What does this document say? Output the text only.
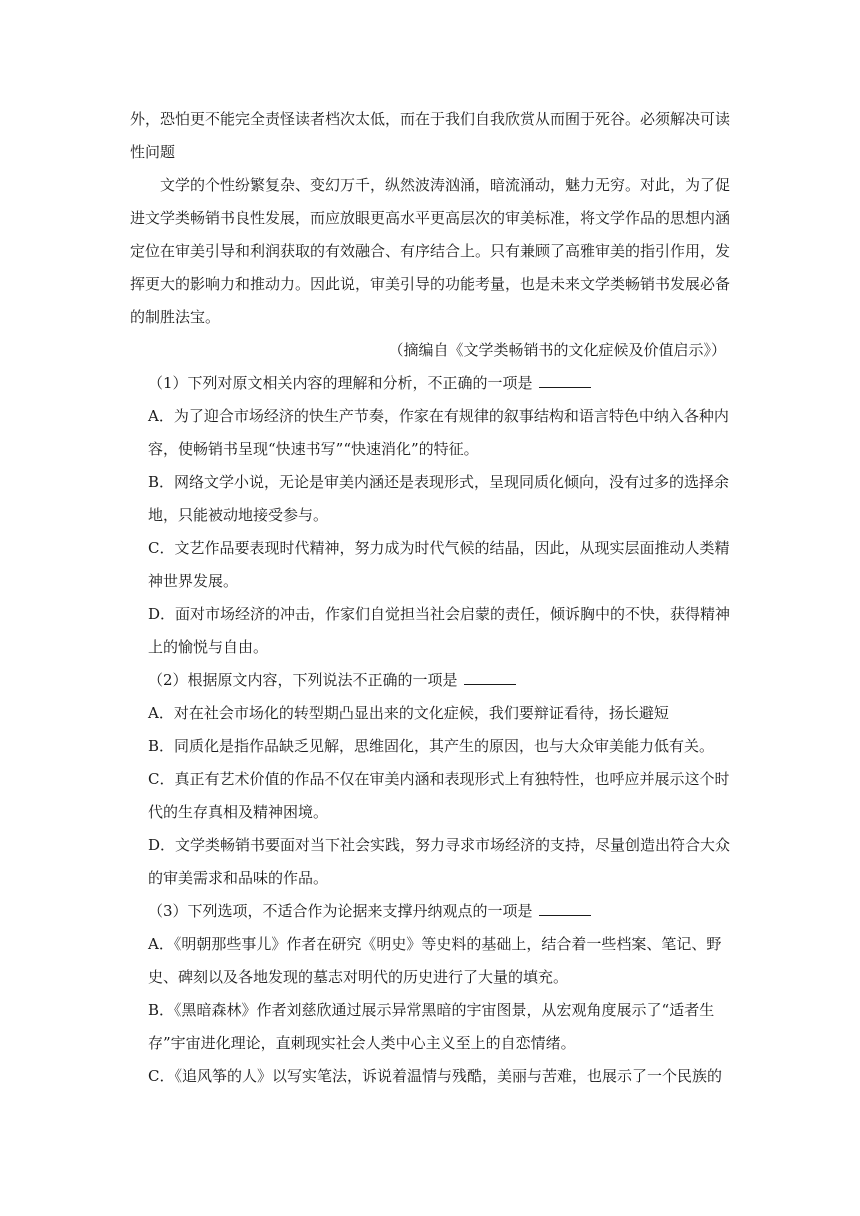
外，恐怕更不能完全责怪读者档次太低，而在于我们自我欣赏从而囿于死谷。必须解决可读
性问题
文学的个性纷繁复杂、变幻万千，纵然波涛汹涌，暗流涌动，魅力无穷。对此，为了促
进文学类畅销书良性发展，而应放眼更高水平更高层次的审美标准，将文学作品的思想内涵
定位在审美引导和利润获取的有效融合、有序结合上。只有兼顾了高雅审美的指引作用，发
挥更大的影响力和推动力。因此说，审美引导的功能考量，也是未来文学类畅销书发展必备
的制胜法宝。
（摘编自《文学类畅销书的文化症候及价值启示》）
（1）下列对原文相关内容的理解和分析，不正确的一项是
A．为了迎合市场经济的快生产节奏，作家在有规律的叙事结构和语言特色中纳入各种内
容，使畅销书呈现“快速书写”“快速消化”的特征。
B．网络文学小说，无论是审美内涵还是表现形式，呈现同质化倾向，没有过多的选择余
地，只能被动地接受参与。
C．文艺作品要表现时代精神，努力成为时代气候的结晶，因此，从现实层面推动人类精
神世界发展。
D．面对市场经济的冲击，作家们自觉担当社会启蒙的责任，倾诉胸中的不快，获得精神
上的愉悦与自由。
（2）根据原文内容，下列说法不正确的一项是
A．对在社会市场化的转型期凸显出来的文化症候，我们要辩证看待，扬长避短
B．同质化是指作品缺乏见解，思维固化，其产生的原因，也与大众审美能力低有关。
C．真正有艺术价值的作品不仅在审美内涵和表现形式上有独特性，也呼应并展示这个时
代的生存真相及精神困境。
D．文学类畅销书要面对当下社会实践，努力寻求市场经济的支持，尽量创造出符合大众
的审美需求和品味的作品。
（3）下列选项，不适合作为论据来支撑丹纳观点的一项是
A．《明朝那些事儿》作者在研究《明史》等史料的基础上，结合着一些档案、笔记、野
史、碑刻以及各地发现的墓志对明代的历史进行了大量的填充。
B．《黑暗森林》作者刘慈欣通过展示异常黑暗的宇宙图景，从宏观角度展示了“适者生
存”宇宙进化理论，直刺现实社会人类中心主义至上的自恋情绪。
C．《追风筝的人》以写实笔法，诉说着温情与残酷，美丽与苦难，也展示了一个民族的
